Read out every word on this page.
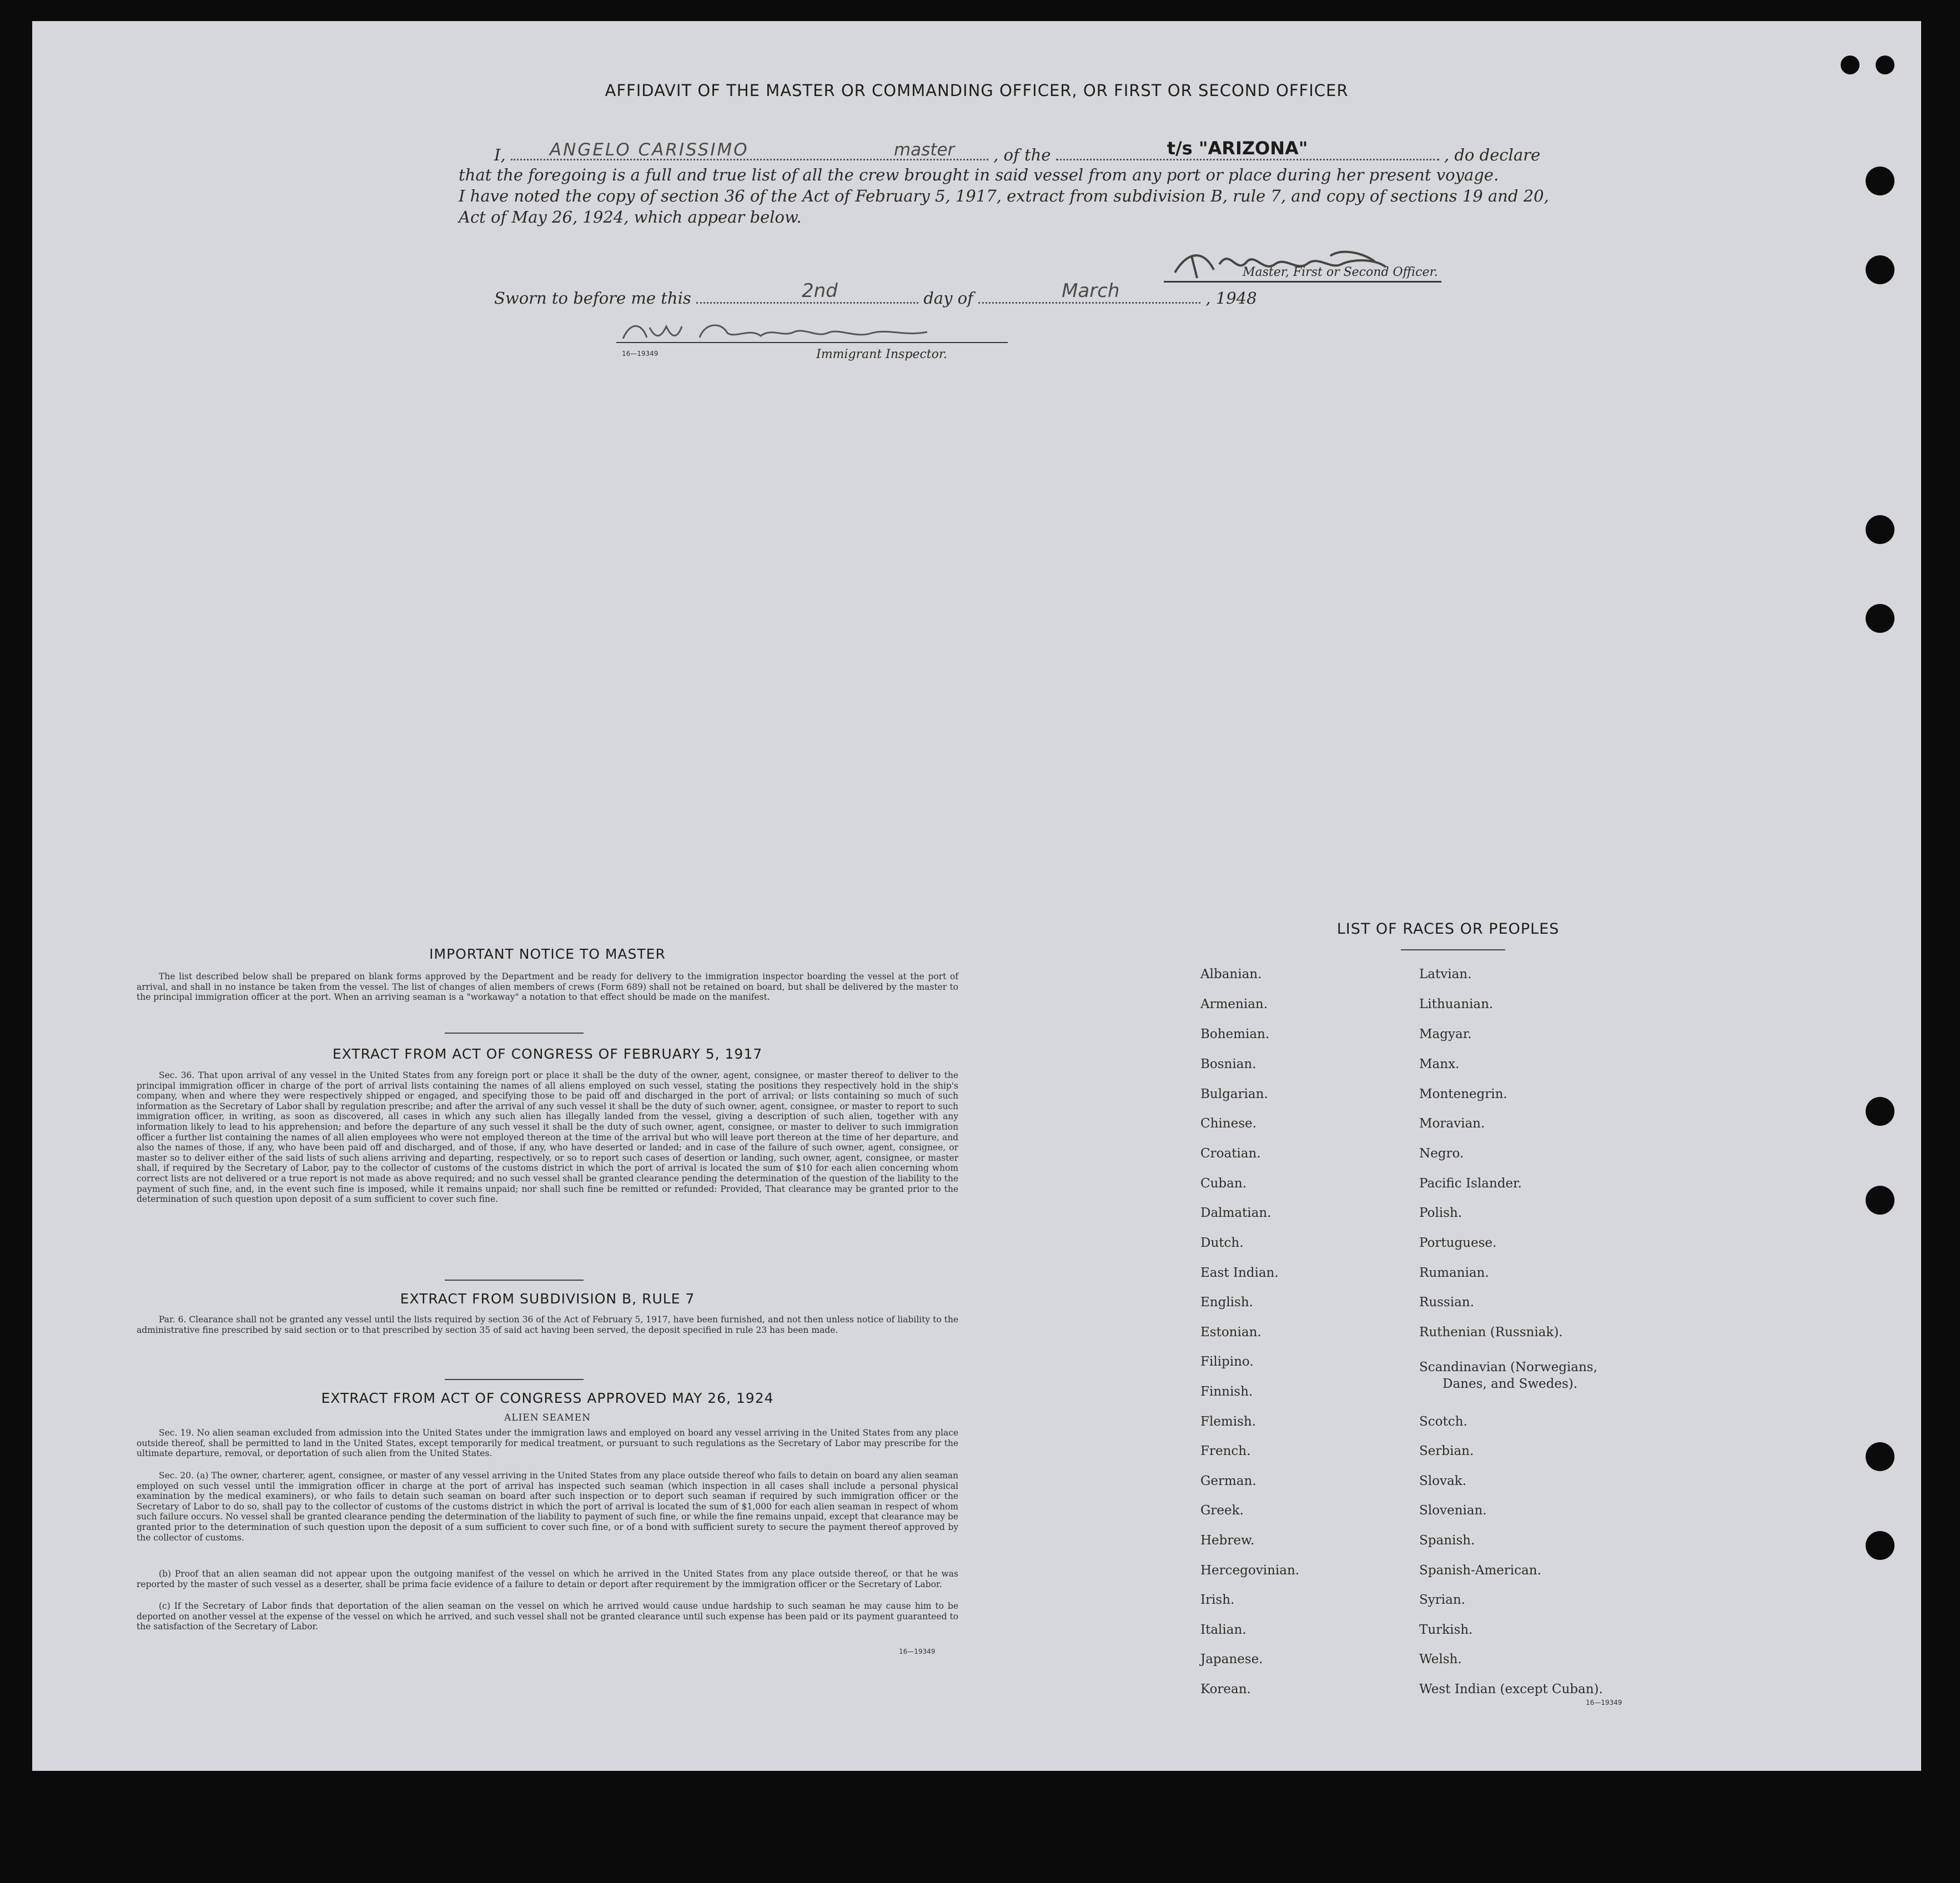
AFFIDAVIT OF THE MASTER OR COMMANDING OFFICER, OR FIRST OR SECOND OFFICER
I,	ANGELO CARISSIMO	master , of the	t/s "ARIZONA"	, do declare
that the foregoing is a full and true list of all the crew brought in said vessel from any port or place during her present voyage.
I have noted the copy of section 36 of the Act of February 5, 1917, extract from subdivision B, rule 7, and copy of sections 19 and 20,
Act of May 26, 1924, which appear below.
Master, First or Second Officer.
Sworn to before me this	2nd	day of	March	, 1948
16—19349	Immigrant Inspector.
IMPORTANT NOTICE TO MASTER
The list described below shall be prepared on blank forms approved by the Department and be ready for delivery to the immigration inspector boarding the vessel at the port of arrival, and shall in no instance be taken from the vessel. The list of changes of alien members of crews (Form 689) shall not be retained on board, but shall be delivered by the master to the principal immigration officer at the port. When an arriving seaman is a "workaway" a notation to that effect should be made on the manifest.
EXTRACT FROM ACT OF CONGRESS OF FEBRUARY 5, 1917
Sec. 36. That upon arrival of any vessel in the United States from any foreign port or place it shall be the duty of the owner, agent, consignee, or master thereof to deliver to the principal immigration officer in charge of the port of arrival lists containing the names of all aliens employed on such vessel, stating the positions they respectively hold in the ship's company, when and where they were respectively shipped or engaged, and specifying those to be paid off and discharged in the port of arrival; or lists containing so much of such information as the Secretary of Labor shall by regulation prescribe; and after the arrival of any such vessel it shall be the duty of such owner, agent, consignee, or master to report to such immigration officer, in writing, as soon as discovered, all cases in which any such alien has illegally landed from the vessel, giving a description of such alien, together with any information likely to lead to his apprehension; and before the departure of any such vessel it shall be the duty of such owner, agent, consignee, or master to deliver to such immigration officer a further list containing the names of all alien employees who were not employed thereon at the time of the arrival but who will leave port thereon at the time of her departure, and also the names of those, if any, who have been paid off and discharged, and of those, if any, who have deserted or landed; and in case of the failure of such owner, agent, consignee, or master so to deliver either of the said lists of such aliens arriving and departing, respectively, or so to report such cases of desertion or landing, such owner, agent, consignee, or master shall, if required by the Secretary of Labor, pay to the collector of customs of the customs district in which the port of arrival is located the sum of $10 for each alien concerning whom correct lists are not delivered or a true report is not made as above required; and no such vessel shall be granted clearance pending the determination of the question of the liability to the payment of such fine, and, in the event such fine is imposed, while it remains unpaid; nor shall such fine be remitted or refunded: Provided, That clearance may be granted prior to the determination of such question upon deposit of a sum sufficient to cover such fine.
EXTRACT FROM SUBDIVISION B, RULE 7
Par. 6. Clearance shall not be granted any vessel until the lists required by section 36 of the Act of February 5, 1917, have been furnished, and not then unless notice of liability to the administrative fine prescribed by said section or to that prescribed by section 35 of said act having been served, the deposit specified in rule 23 has been made.
EXTRACT FROM ACT OF CONGRESS APPROVED MAY 26, 1924
ALIEN SEAMEN
Sec. 19. No alien seaman excluded from admission into the United States under the immigration laws and employed on board any vessel arriving in the United States from any place outside thereof, shall be permitted to land in the United States, except temporarily for medical treatment, or pursuant to such regulations as the Secretary of Labor may prescribe for the ultimate departure, removal, or deportation of such alien from the United States.
Sec. 20. (a) The owner, charterer, agent, consignee, or master of any vessel arriving in the United States from any place outside thereof who fails to detain on board any alien seaman employed on such vessel until the immigration officer in charge at the port of arrival has inspected such seaman (which inspection in all cases shall include a personal physical examination by the medical examiners), or who fails to detain such seaman on board after such inspection or to deport such seaman if required by such immigration officer or the Secretary of Labor to do so, shall pay to the collector of customs of the customs district in which the port of arrival is located the sum of $1,000 for each alien seaman in respect of whom such failure occurs. No vessel shall be granted clearance pending the determination of the liability to payment of such fine, or while the fine remains unpaid, except that clearance may be granted prior to the determination of such question upon the deposit of a sum sufficient to cover such fine, or of a bond with sufficient surety to secure the payment thereof approved by the collector of customs.
(b) Proof that an alien seaman did not appear upon the outgoing manifest of the vessel on which he arrived in the United States from any place outside thereof, or that he was reported by the master of such vessel as a deserter, shall be prima facie evidence of a failure to detain or deport after requirement by the immigration officer or the Secretary of Labor.
(c) If the Secretary of Labor finds that deportation of the alien seaman on the vessel on which he arrived would cause undue hardship to such seaman he may cause him to be deported on another vessel at the expense of the vessel on which he arrived, and such vessel shall not be granted clearance until such expense has been paid or its payment guaranteed to the satisfaction of the Secretary of Labor.
16—19349
LIST OF RACES OR PEOPLES
Albanian.
Armenian.
Bohemian.
Bosnian.
Bulgarian.
Chinese.
Croatian.
Cuban.
Dalmatian.
Dutch.
East Indian.
English.
Estonian.
Filipino.
Finnish.
Flemish.
French.
German.
Greek.
Hebrew.
Hercegovinian.
Irish.
Italian.
Japanese.
Korean.
Latvian.
Lithuanian.
Magyar.
Manx.
Montenegrin.
Moravian.
Negro.
Pacific Islander.
Polish.
Portuguese.
Rumanian.
Russian.
Ruthenian (Russniak).
Scandinavian (Norwegians,
Danes, and Swedes).
Scotch.
Serbian.
Slovak.
Slovenian.
Spanish.
Spanish-American.
Syrian.
Turkish.
Welsh.
West Indian (except Cuban).
16—19349
